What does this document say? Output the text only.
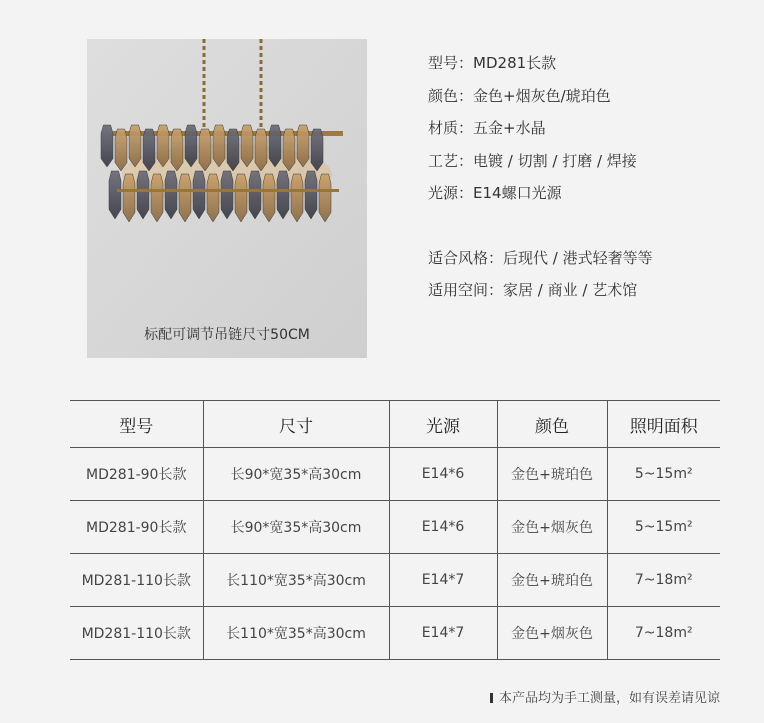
标配可调节吊链尺寸50CM
型号：MD281长款
颜色：金色+烟灰色/琥珀色
材质：五金+水晶
工艺：电镀 / 切割 / 打磨 / 焊接
光源：E14螺口光源
适合风格：后现代 / 港式轻奢等等
适用空间：家居 / 商业 / 艺术馆
型号	尺寸	光源	颜色	照明面积
MD281-90长款	长90*宽35*高30cm	E14*6	金色+琥珀色	5~15m²
MD281-90长款	长90*宽35*高30cm	E14*6	金色+烟灰色	5~15m²
MD281-110长款	长110*宽35*高30cm	E14*7	金色+琥珀色	7~18m²
MD281-110长款	长110*宽35*高30cm	E14*7	金色+烟灰色	7~18m²
本产品均为手工测量，如有误差请见谅
